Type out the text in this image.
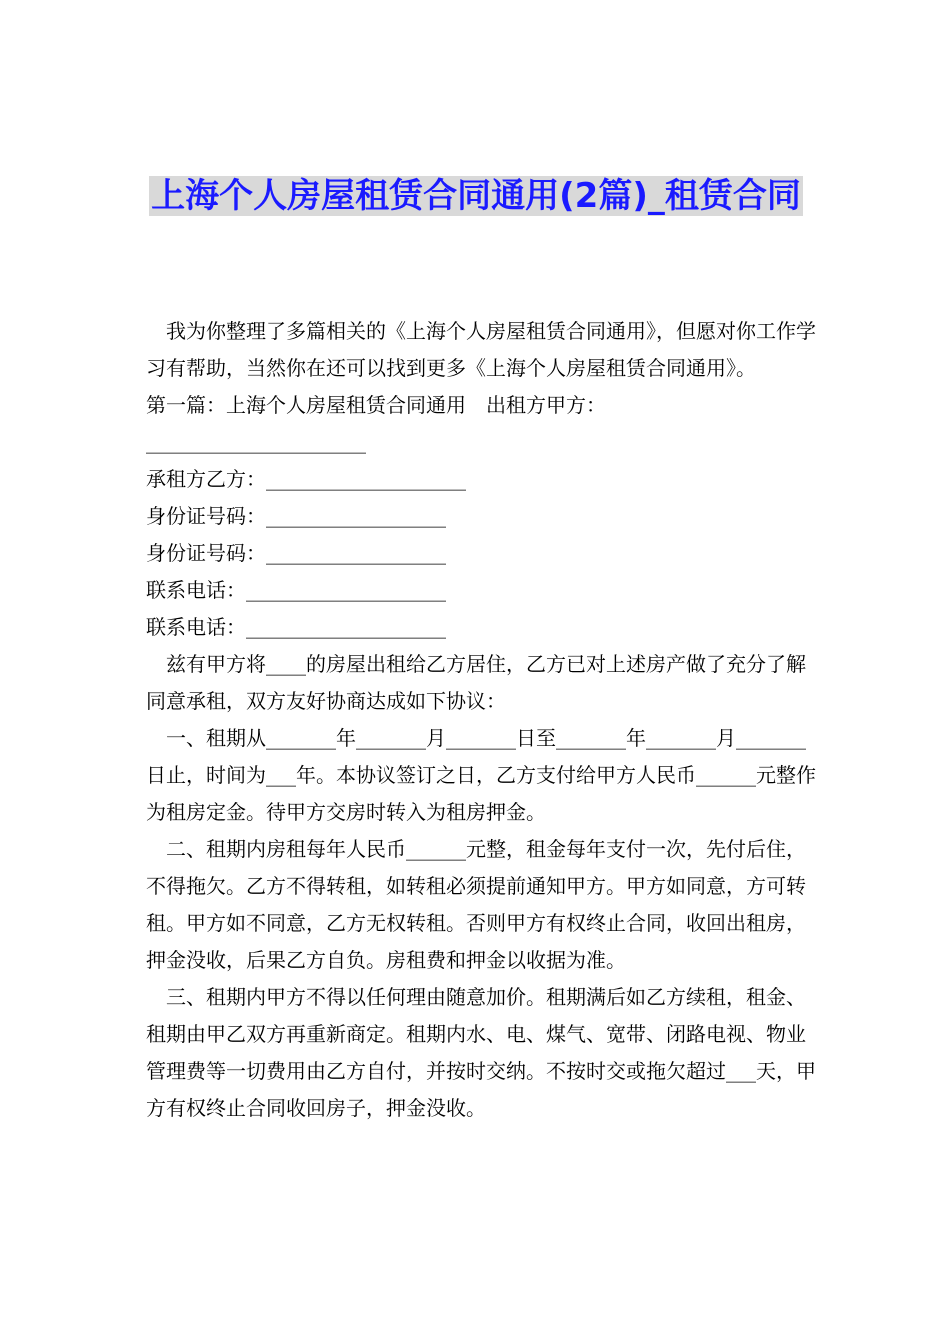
上海个人房屋租赁合同通用(2篇)_租赁合同

我为你整理了多篇相关的《上海个人房屋租赁合同通用》，但愿对你工作学习有帮助，当然你在还可以找到更多《上海个人房屋租赁合同通用》。

第一篇：上海个人房屋租赁合同通用　出租方甲方：______________________

承租方乙方：____________________

身份证号码：__________________

身份证号码：__________________

联系电话：____________________

联系电话：____________________

兹有甲方将____的房屋出租给乙方居住，乙方已对上述房产做了充分了解同意承租，双方友好协商达成如下协议：

一、租期从_______年_______月_______日至_______年_______月_______日止，时间为___年。本协议签订之日，乙方支付给甲方人民币______元整作为租房定金。待甲方交房时转入为租房押金。

二、租期内房租每年人民币______元整，租金每年支付一次，先付后住，不得拖欠。乙方不得转租，如转租必须提前通知甲方。甲方如同意，方可转租。甲方如不同意，乙方无权转租。否则甲方有权终止合同，收回出租房，押金没收，后果乙方自负。房租费和押金以收据为准。

三、租期内甲方不得以任何理由随意加价。租期满后如乙方续租，租金、租期由甲乙双方再重新商定。租期内水、电、煤气、宽带、闭路电视、物业管理费等一切费用由乙方自付，并按时交纳。不按时交或拖欠超过___天，甲方有权终止合同收回房子，押金没收。
